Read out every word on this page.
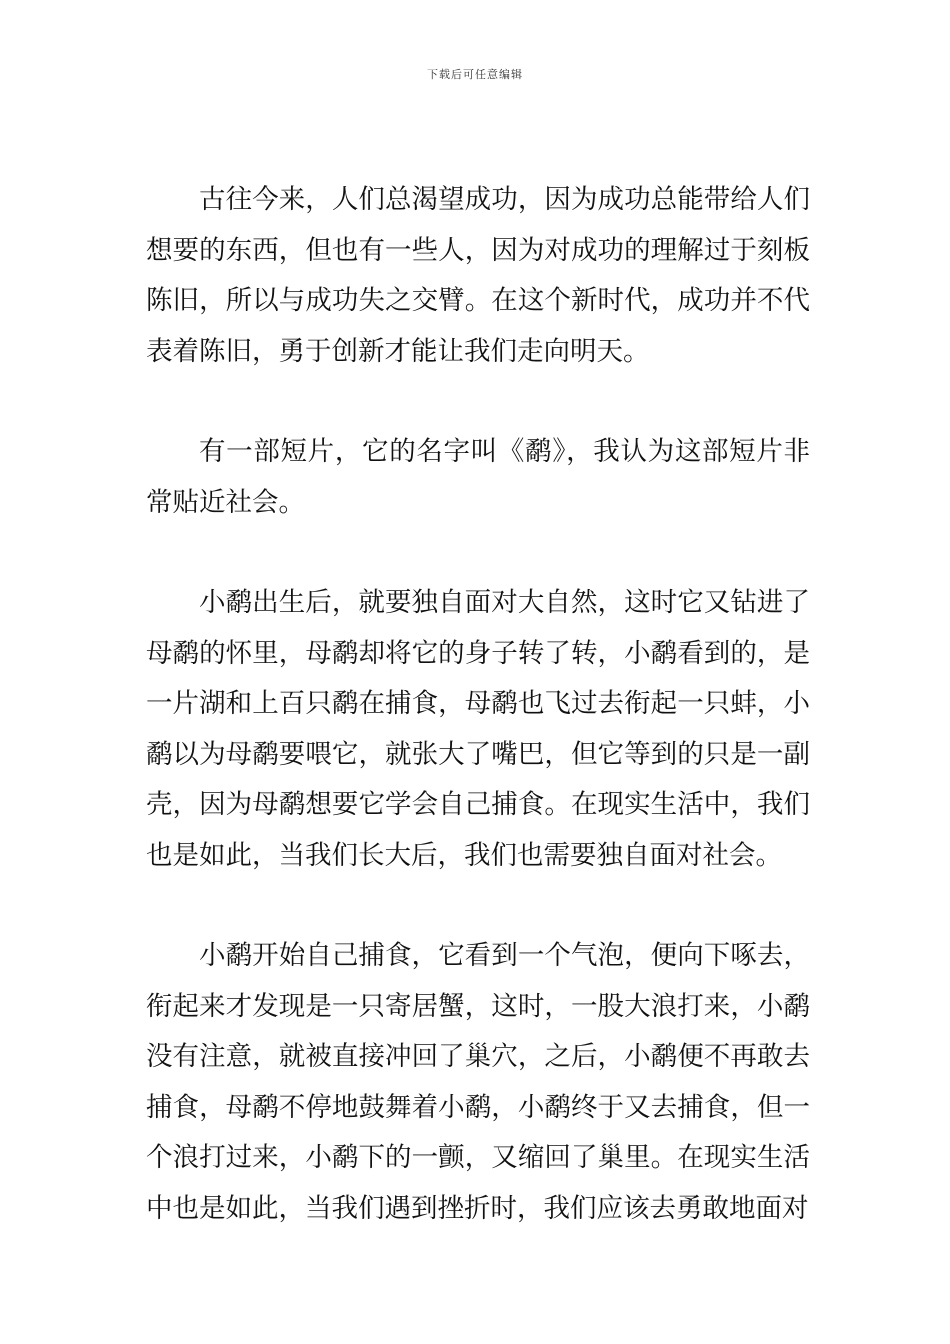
下载后可任意编辑

古往今来，人们总渴望成功，因为成功总能带给人们想要的东西，但也有一些人，因为对成功的理解过于刻板陈旧，所以与成功失之交臂。在这个新时代，成功并不代表着陈旧，勇于创新才能让我们走向明天。

有一部短片，它的名字叫《鹬》，我认为这部短片非常贴近社会。

小鹬出生后，就要独自面对大自然，这时它又钻进了母鹬的怀里，母鹬却将它的身子转了转，小鹬看到的，是一片湖和上百只鹬在捕食，母鹬也飞过去衔起一只蚌，小鹬以为母鹬要喂它，就张大了嘴巴，但它等到的只是一副壳，因为母鹬想要它学会自己捕食。在现实生活中，我们也是如此，当我们长大后，我们也需要独自面对社会。

小鹬开始自己捕食，它看到一个气泡，便向下啄去，衔起来才发现是一只寄居蟹，这时，一股大浪打来，小鹬没有注意，就被直接冲回了巢穴，之后，小鹬便不再敢去捕食，母鹬不停地鼓舞着小鹬，小鹬终于又去捕食，但一个浪打过来，小鹬下的一颤，又缩回了巢里。在现实生活中也是如此，当我们遇到挫折时，我们应该去勇敢地面对
